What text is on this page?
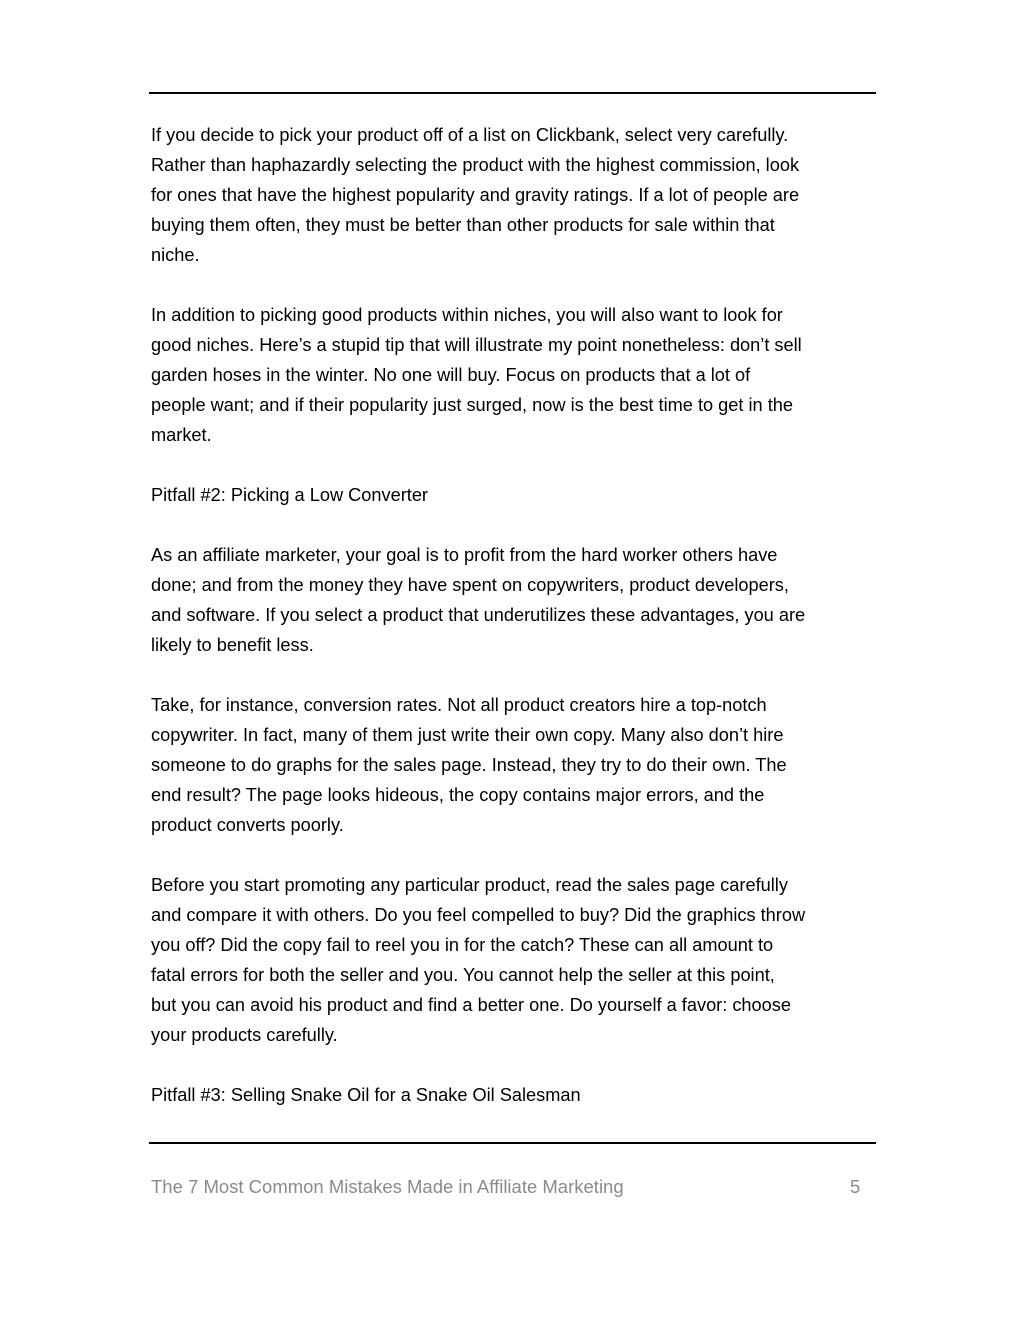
If you decide to pick your product off of a list on Clickbank, select very carefully.
Rather than haphazardly selecting the product with the highest commission, look
for ones that have the highest popularity and gravity ratings. If a lot of people are
buying them often, they must be better than other products for sale within that
niche.

In addition to picking good products within niches, you will also want to look for
good niches. Here’s a stupid tip that will illustrate my point nonetheless: don’t sell
garden hoses in the winter. No one will buy. Focus on products that a lot of
people want; and if their popularity just surged, now is the best time to get in the
market.

Pitfall #2: Picking a Low Converter

As an affiliate marketer, your goal is to profit from the hard worker others have
done; and from the money they have spent on copywriters, product developers,
and software. If you select a product that underutilizes these advantages, you are
likely to benefit less.

Take, for instance, conversion rates. Not all product creators hire a top-notch
copywriter. In fact, many of them just write their own copy. Many also don’t hire
someone to do graphs for the sales page. Instead, they try to do their own. The
end result? The page looks hideous, the copy contains major errors, and the
product converts poorly.

Before you start promoting any particular product, read the sales page carefully
and compare it with others. Do you feel compelled to buy? Did the graphics throw
you off? Did the copy fail to reel you in for the catch? These can all amount to
fatal errors for both the seller and you. You cannot help the seller at this point,
but you can avoid his product and find a better one. Do yourself a favor: choose
your products carefully.

Pitfall #3: Selling Snake Oil for a Snake Oil Salesman

The 7 Most Common Mistakes Made in Affiliate Marketing	5
